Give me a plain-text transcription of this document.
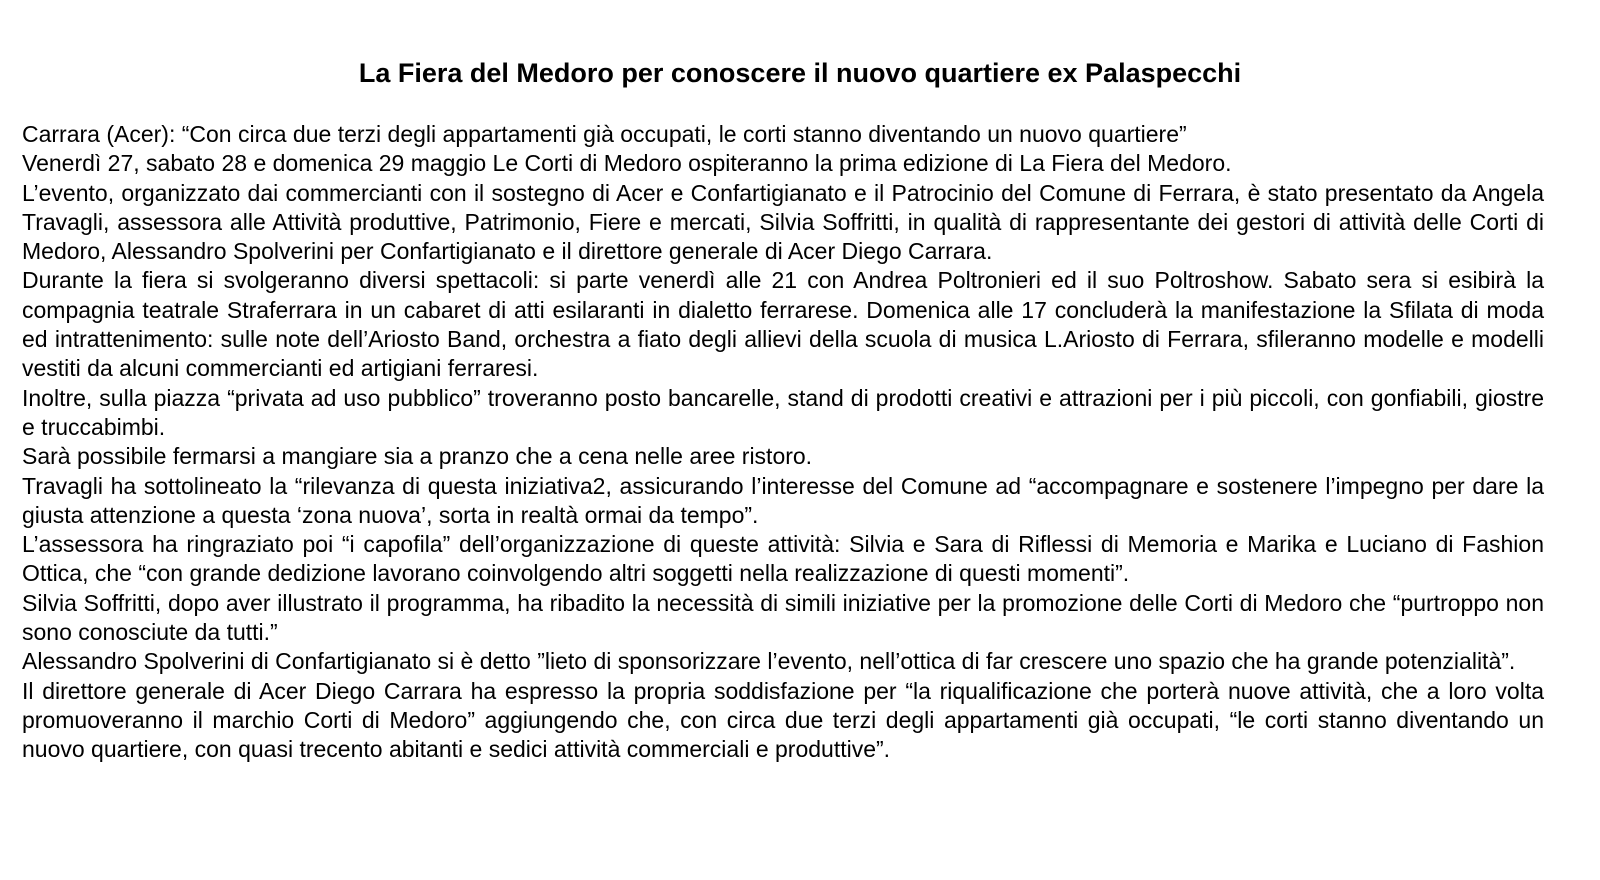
La Fiera del Medoro per conoscere il nuovo quartiere ex Palaspecchi

Carrara (Acer): “Con circa due terzi degli appartamenti già occupati, le corti stanno diventando un nuovo quartiere”

Venerdì 27, sabato 28 e domenica 29 maggio Le Corti di Medoro ospiteranno la prima edizione di La Fiera del Medoro.

L’evento, organizzato dai commercianti con il sostegno di Acer e Confartigianato e il Patrocinio del Comune di Ferrara, è stato presentato da Angela Travagli, assessora alle Attività produttive, Patrimonio, Fiere e mercati, Silvia Soffritti, in qualità di rappresentante dei gestori di attività delle Corti di Medoro, Alessandro Spolverini per Confartigianato e il direttore generale di Acer Diego Carrara.

Durante la fiera si svolgeranno diversi spettacoli: si parte venerdì alle 21 con Andrea Poltronieri ed il suo Poltroshow. Sabato sera si esibirà la compagnia teatrale Straferrara in un cabaret di atti esilaranti in dialetto ferrarese. Domenica alle 17 concluderà la manifestazione la Sfilata di moda ed intrattenimento: sulle note dell’Ariosto Band, orchestra a fiato degli allievi della scuola di musica L.Ariosto di Ferrara, sfileranno modelle e modelli vestiti da alcuni commercianti ed artigiani ferraresi.

Inoltre, sulla piazza “privata ad uso pubblico” troveranno posto bancarelle, stand di prodotti creativi e attrazioni per i più piccoli, con gonfiabili, giostre e truccabimbi.

Sarà possibile fermarsi a mangiare sia a pranzo che a cena nelle aree ristoro.

Travagli ha sottolineato la “rilevanza di questa iniziativa2, assicurando l’interesse del Comune ad “accompagnare e sostenere l’impegno per dare la giusta attenzione a questa ‘zona nuova’, sorta in realtà ormai da tempo”.

L’assessora ha ringraziato poi “i capofila” dell’organizzazione di queste attività: Silvia e Sara di Riflessi di Memoria e Marika e Luciano di Fashion Ottica, che “con grande dedizione lavorano coinvolgendo altri soggetti nella realizzazione di questi momenti”.

Silvia Soffritti, dopo aver illustrato il programma, ha ribadito la necessità di simili iniziative per la promozione delle Corti di Medoro che “purtroppo non sono conosciute da tutti.”

Alessandro Spolverini di Confartigianato si è detto ”lieto di sponsorizzare l’evento, nell’ottica di far crescere uno spazio che ha grande potenzialità”.

Il direttore generale di Acer Diego Carrara ha espresso la propria soddisfazione per “la riqualificazione che porterà nuove attività, che a loro volta promuoveranno il marchio Corti di Medoro” aggiungendo che, con circa due terzi degli appartamenti già occupati, “le corti stanno diventando un nuovo quartiere, con quasi trecento abitanti e sedici attività commerciali e produttive”.
